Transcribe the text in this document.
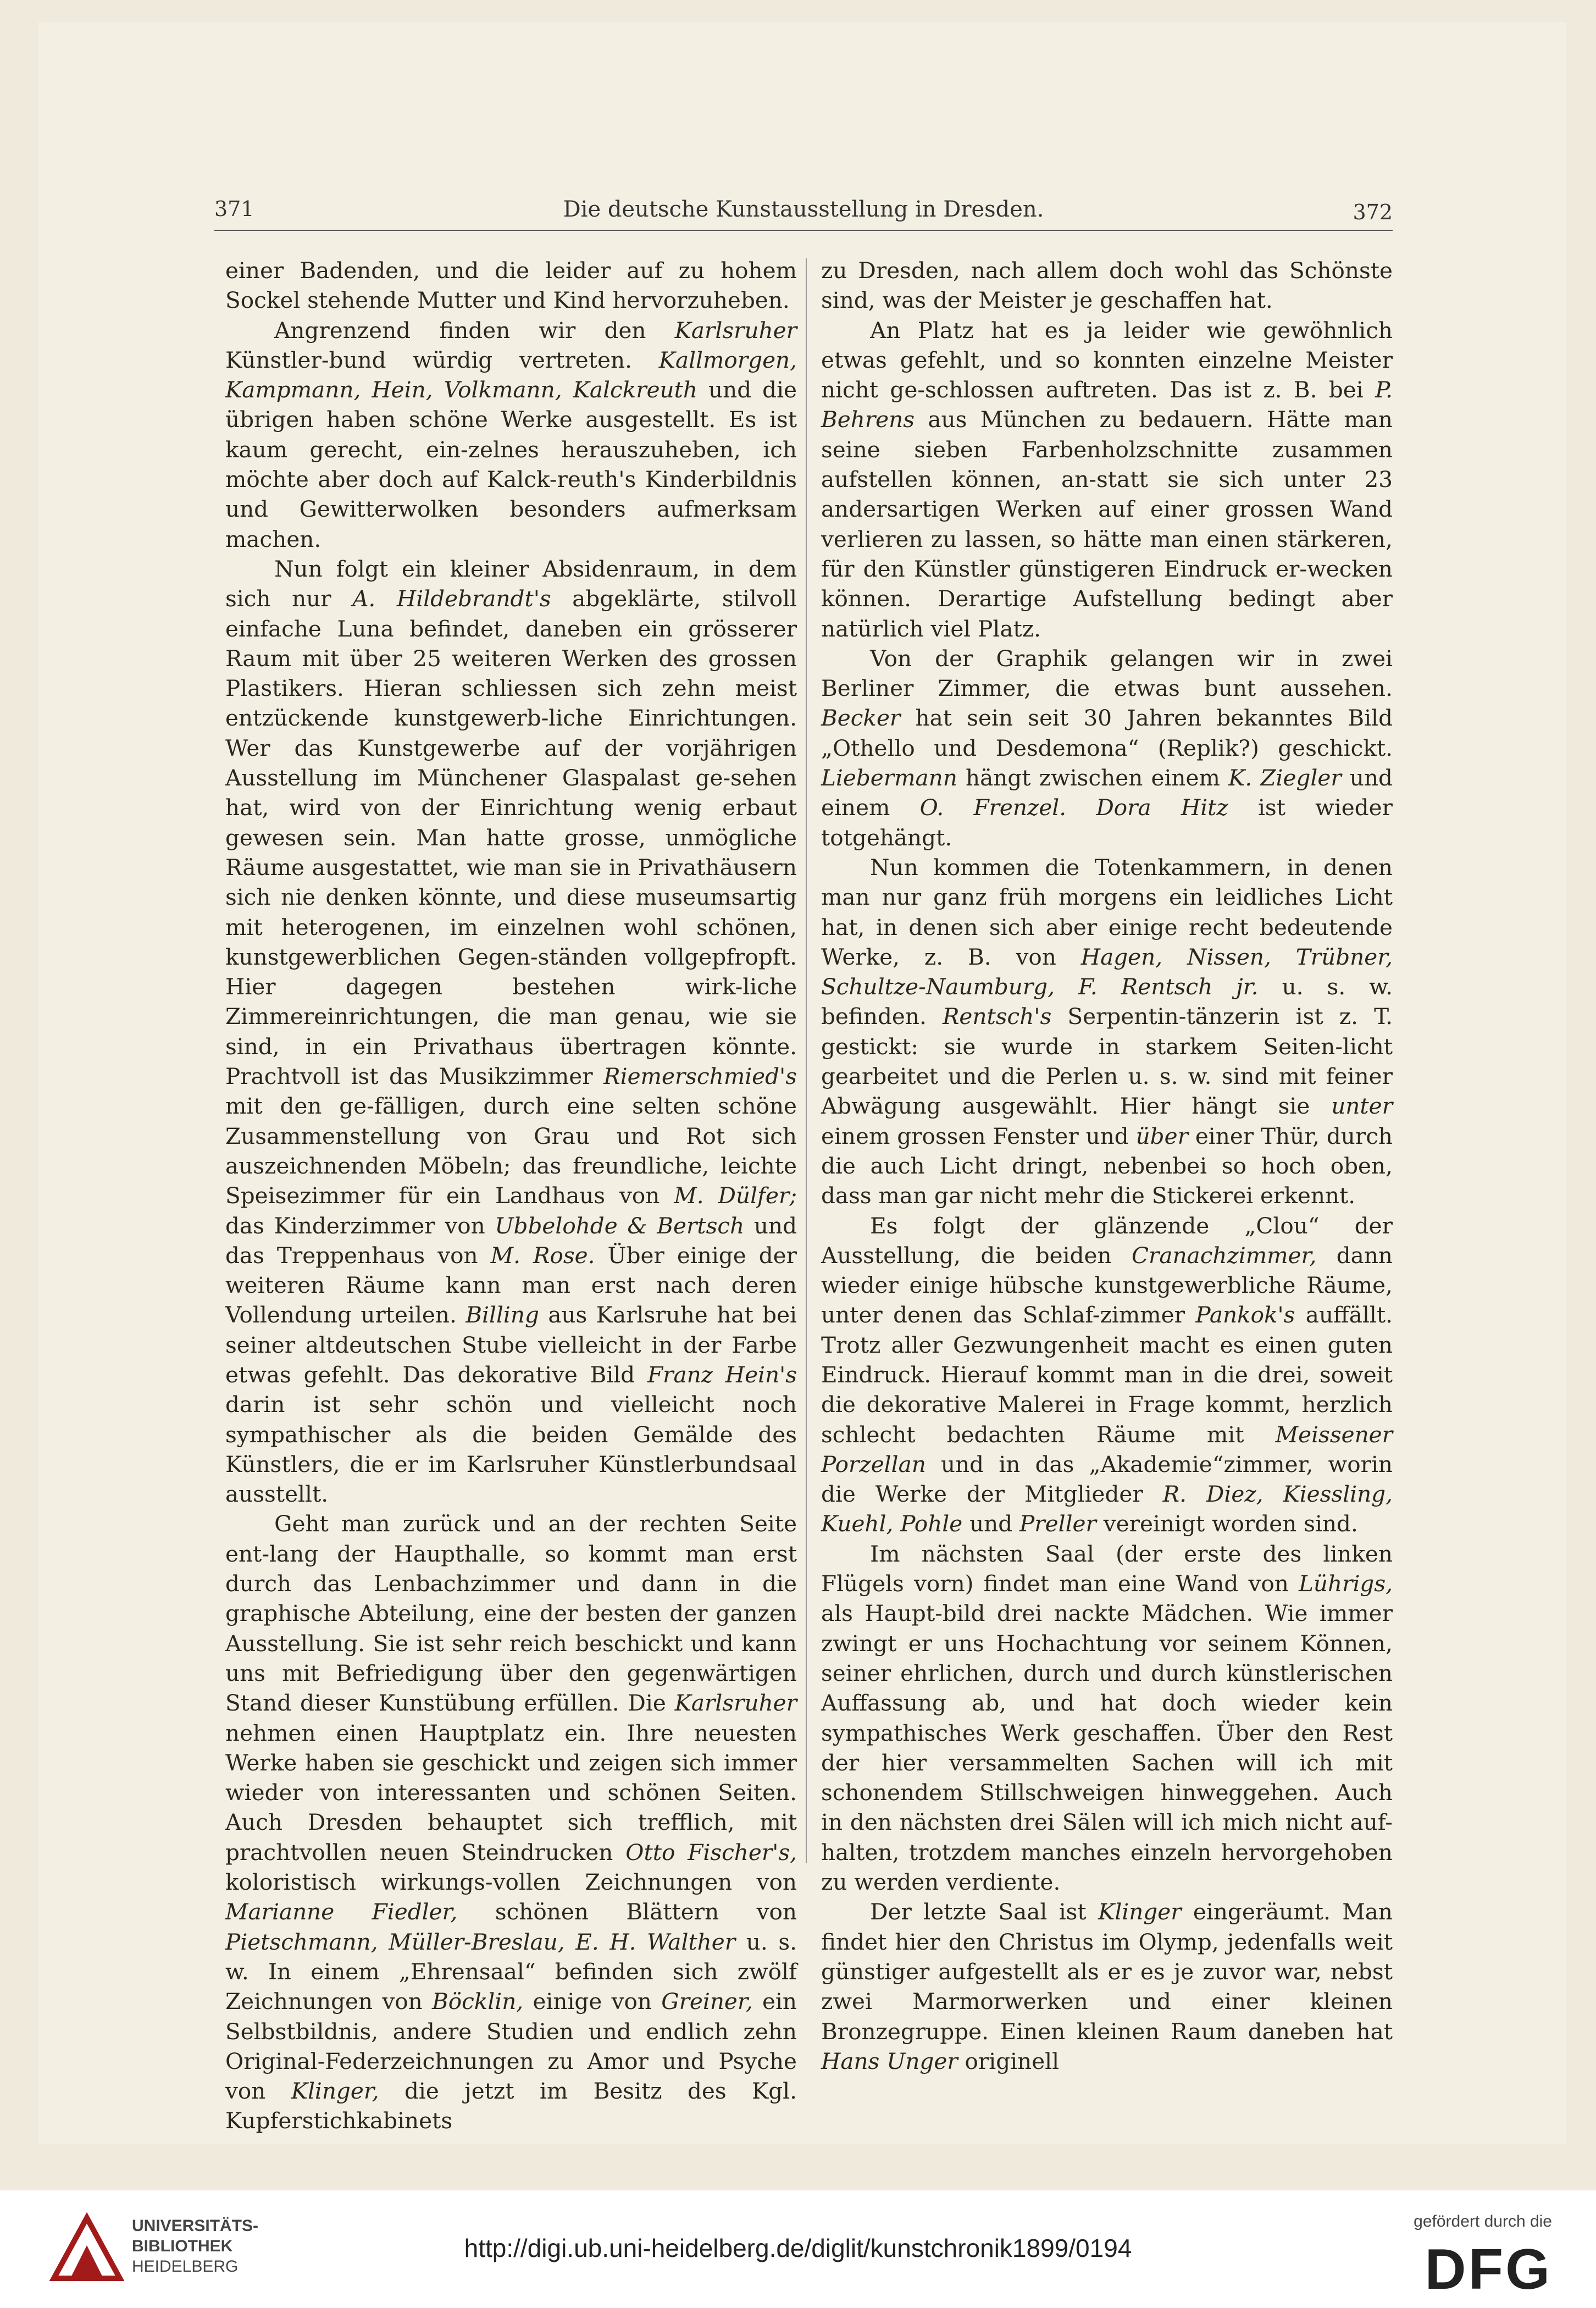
371	Die deutsche Kunstausstellung in Dresden.	372

einer Badenden, und die leider auf zu hohem Sockel stehende Mutter und Kind hervorzuheben.

Angrenzend finden wir den Karlsruher Künstler-bund würdig vertreten. Kallmorgen, Kampmann, Hein, Volkmann, Kalckreuth und die übrigen haben schöne Werke ausgestellt. Es ist kaum gerecht, ein-zelnes herauszuheben, ich möchte aber doch auf Kalck-reuth's Kinderbildnis und Gewitterwolken besonders aufmerksam machen.

Nun folgt ein kleiner Absidenraum, in dem sich nur A. Hildebrandt's abgeklärte, stilvoll einfache Luna befindet, daneben ein grösserer Raum mit über 25 weiteren Werken des grossen Plastikers. Hieran schliessen sich zehn meist entzückende kunstgewerb-liche Einrichtungen. Wer das Kunstgewerbe auf der vorjährigen Ausstellung im Münchener Glaspalast ge-sehen hat, wird von der Einrichtung wenig erbaut gewesen sein. Man hatte grosse, unmögliche Räume ausgestattet, wie man sie in Privathäusern sich nie denken könnte, und diese museumsartig mit heterogenen, im einzelnen wohl schönen, kunstgewerblichen Gegen-ständen vollgepfropft. Hier dagegen bestehen wirk-liche Zimmereinrichtungen, die man genau, wie sie sind, in ein Privathaus übertragen könnte. Prachtvoll ist das Musikzimmer Riemerschmied's mit den ge-fälligen, durch eine selten schöne Zusammenstellung von Grau und Rot sich auszeichnenden Möbeln; das freundliche, leichte Speisezimmer für ein Landhaus von M. Dülfer; das Kinderzimmer von Ubbelohde & Bertsch und das Treppenhaus von M. Rose. Über einige der weiteren Räume kann man erst nach deren Vollendung urteilen. Billing aus Karlsruhe hat bei seiner altdeutschen Stube vielleicht in der Farbe etwas gefehlt. Das dekorative Bild Franz Hein's darin ist sehr schön und vielleicht noch sympathischer als die beiden Gemälde des Künstlers, die er im Karlsruher Künstlerbundsaal ausstellt.

Geht man zurück und an der rechten Seite ent-lang der Haupthalle, so kommt man erst durch das Lenbachzimmer und dann in die graphische Abteilung, eine der besten der ganzen Ausstellung. Sie ist sehr reich beschickt und kann uns mit Befriedigung über den gegenwärtigen Stand dieser Kunstübung erfüllen. Die Karlsruher nehmen einen Hauptplatz ein. Ihre neuesten Werke haben sie geschickt und zeigen sich immer wieder von interessanten und schönen Seiten. Auch Dresden behauptet sich trefflich, mit prachtvollen neuen Steindrucken Otto Fischer's, koloristisch wirkungs-vollen Zeichnungen von Marianne Fiedler, schönen Blättern von Pietschmann, Müller-Breslau, E. H. Walther u. s. w. In einem „Ehrensaal“ befinden sich zwölf Zeichnungen von Böcklin, einige von Greiner, ein Selbstbildnis, andere Studien und endlich zehn Original-Federzeichnungen zu Amor und Psyche von Klinger, die jetzt im Besitz des Kgl. Kupferstichkabinets

zu Dresden, nach allem doch wohl das Schönste sind, was der Meister je geschaffen hat.

An Platz hat es ja leider wie gewöhnlich etwas gefehlt, und so konnten einzelne Meister nicht ge-schlossen auftreten. Das ist z. B. bei P. Behrens aus München zu bedauern. Hätte man seine sieben Farbenholzschnitte zusammen aufstellen können, an-statt sie sich unter 23 andersartigen Werken auf einer grossen Wand verlieren zu lassen, so hätte man einen stärkeren, für den Künstler günstigeren Eindruck er-wecken können. Derartige Aufstellung bedingt aber natürlich viel Platz.

Von der Graphik gelangen wir in zwei Berliner Zimmer, die etwas bunt aussehen. Becker hat sein seit 30 Jahren bekanntes Bild „Othello und Desdemona“ (Replik?) geschickt. Liebermann hängt zwischen einem K. Ziegler und einem O. Frenzel. Dora Hitz ist wieder totgehängt.

Nun kommen die Totenkammern, in denen man nur ganz früh morgens ein leidliches Licht hat, in denen sich aber einige recht bedeutende Werke, z. B. von Hagen, Nissen, Trübner, Schultze-Naumburg, F. Rentsch jr. u. s. w. befinden. Rentsch's Serpentin-tänzerin ist z. T. gestickt: sie wurde in starkem Seiten-licht gearbeitet und die Perlen u. s. w. sind mit feiner Abwägung ausgewählt. Hier hängt sie unter einem grossen Fenster und über einer Thür, durch die auch Licht dringt, nebenbei so hoch oben, dass man gar nicht mehr die Stickerei erkennt.

Es folgt der glänzende „Clou“ der Ausstellung, die beiden Cranachzimmer, dann wieder einige hübsche kunstgewerbliche Räume, unter denen das Schlaf-zimmer Pankok's auffällt. Trotz aller Gezwungenheit macht es einen guten Eindruck. Hierauf kommt man in die drei, soweit die dekorative Malerei in Frage kommt, herzlich schlecht bedachten Räume mit Meissener Porzellan und in das „Akademie“zimmer, worin die Werke der Mitglieder R. Diez, Kiessling, Kuehl, Pohle und Preller vereinigt worden sind.

Im nächsten Saal (der erste des linken Flügels vorn) findet man eine Wand von Lührigs, als Haupt-bild drei nackte Mädchen. Wie immer zwingt er uns Hochachtung vor seinem Können, seiner ehrlichen, durch und durch künstlerischen Auffassung ab, und hat doch wieder kein sympathisches Werk geschaffen. Über den Rest der hier versammelten Sachen will ich mit schonendem Stillschweigen hinweggehen. Auch in den nächsten drei Sälen will ich mich nicht auf-halten, trotzdem manches einzeln hervorgehoben zu werden verdiente.

Der letzte Saal ist Klinger eingeräumt. Man findet hier den Christus im Olymp, jedenfalls weit günstiger aufgestellt als er es je zuvor war, nebst zwei Marmorwerken und einer kleinen Bronzegruppe. Einen kleinen Raum daneben hat Hans Unger originell

UNIVERSITÄTS-
BIBLIOTHEK
HEIDELBERG
http://digi.ub.uni-heidelberg.de/diglit/kunstchronik1899/0194
gefördert durch die
DFG
